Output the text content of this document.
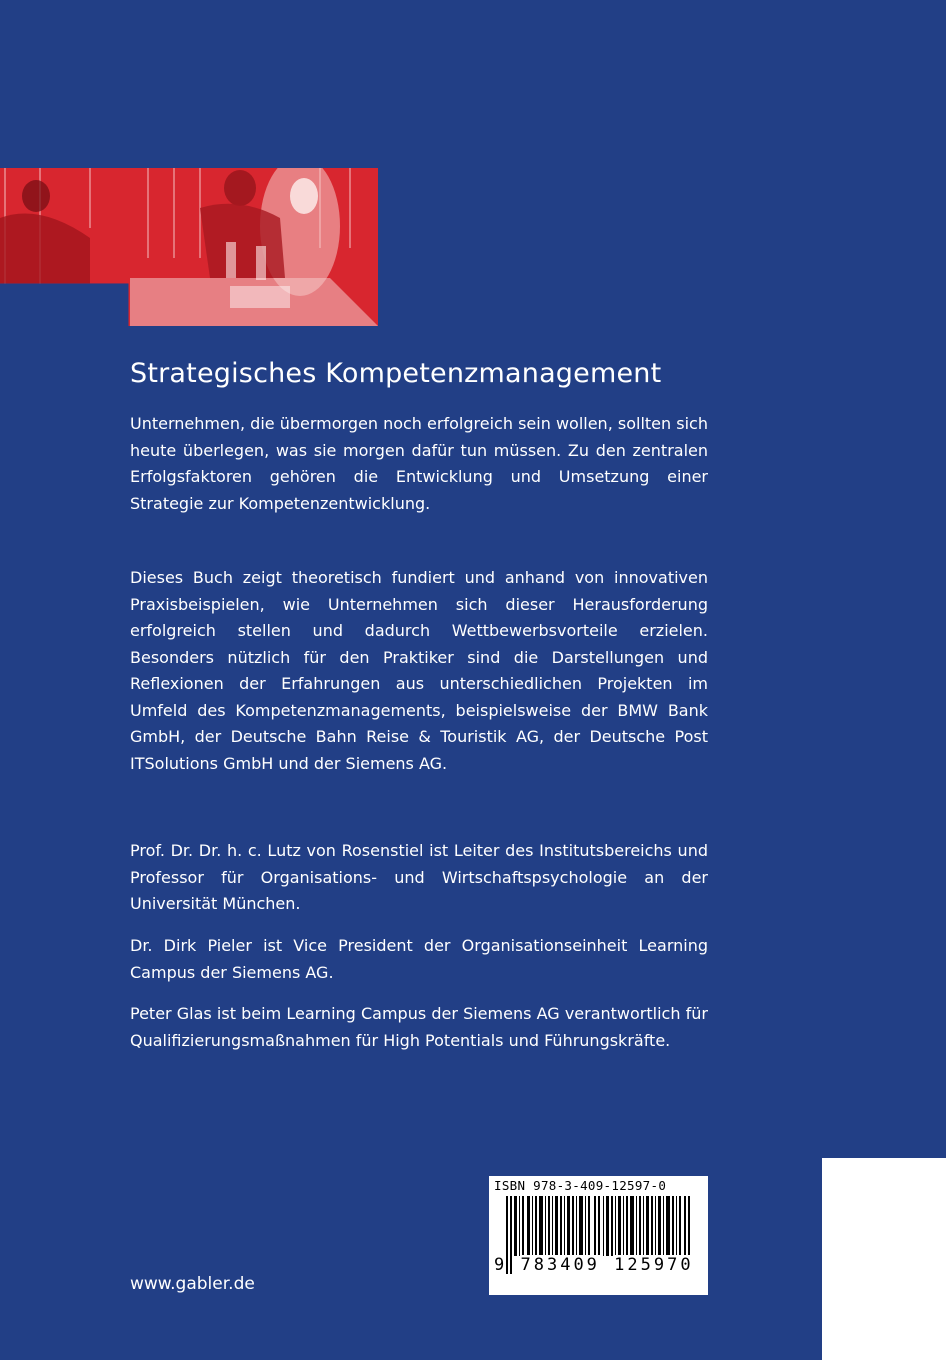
Strategisches Kompetenzmanagement
Unternehmen, die übermorgen noch erfolgreich sein wollen, sollten sich heute überlegen, was sie morgen dafür tun müssen. Zu den zentralen Erfolgsfaktoren gehören die Entwicklung und Umsetzung einer Strategie zur Kompetenzentwicklung.
Dieses Buch zeigt theoretisch fundiert und anhand von innovativen Praxisbeispielen, wie Unternehmen sich dieser Herausforderung erfolgreich stellen und dadurch Wettbewerbsvorteile erzielen. Besonders nützlich für den Praktiker sind die Darstellungen und Reflexionen der Erfahrungen aus unterschiedlichen Projekten im Umfeld des Kompetenzmanagements, beispielsweise der BMW Bank GmbH, der Deutsche Bahn Reise & Touristik AG, der Deutsche Post ITSolutions GmbH und der Siemens AG.
Prof. Dr. Dr. h. c. Lutz von Rosenstiel ist Leiter des Institutsbereichs und Professor für Organisations- und Wirtschaftspsychologie an der Universität München.
Dr. Dirk Pieler ist Vice President der Organisationseinheit Learning Campus der Siemens AG.
Peter Glas ist beim Learning Campus der Siemens AG verantwortlich für Qualifizierungsmaßnahmen für High Potentials und Führungskräfte.
www.gabler.de
ISBN 978-3-409-12597-0
9 783409 125970
